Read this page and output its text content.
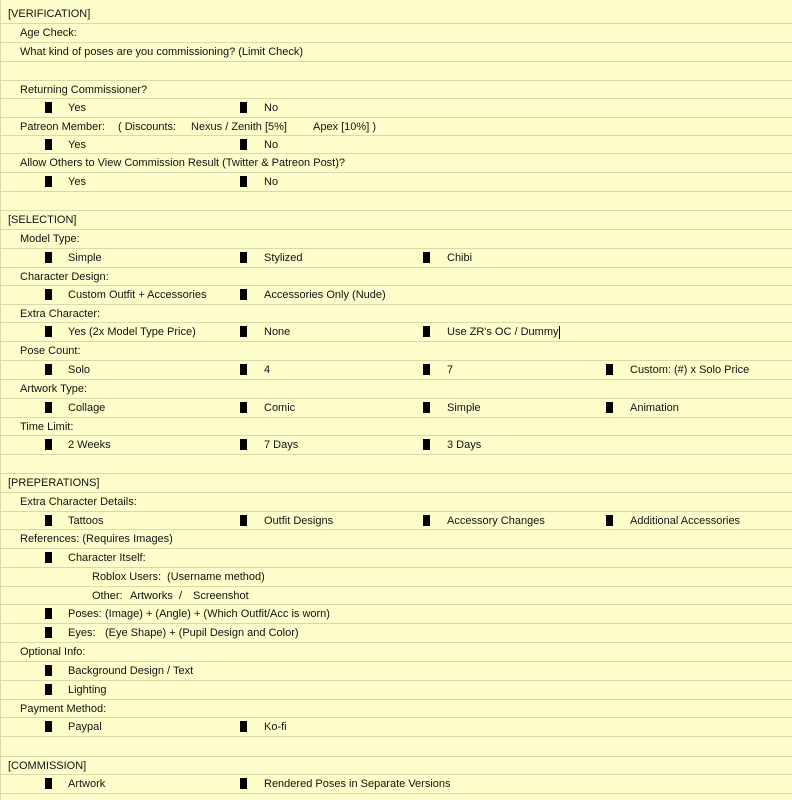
[VERIFICATION]
Age Check:
What kind of poses are you commissioning? (Limit Check)
Returning Commissioner?
Yes	No
Patreon Member: ( Discounts: Nexus / Zenith [5%] Apex [10%] )
Yes	No
Allow Others to View Commission Result (Twitter & Patreon Post)?
Yes	No
[SELECTION]
Model Type:
Simple	Stylized	Chibi
Character Design:
Custom Outfit + Accessories	Accessories Only (Nude)
Extra Character:
Yes (2x Model Type Price)	None	Use ZR's OC / Dummy
Pose Count:
Solo	4	7	Custom: (#) x Solo Price
Artwork Type:
Collage	Comic	Simple	Animation
Time Limit:
2 Weeks	7 Days	3 Days
[PREPERATIONS]
Extra Character Details:
Tattoos	Outfit Designs	Accessory Changes	Additional Accessories
References: (Requires Images)
Character Itself:
Roblox Users: (Username method)
Other: Artworks / Screenshot
Poses: (Image) + (Angle) + (Which Outfit/Acc is worn)
Eyes: (Eye Shape) + (Pupil Design and Color)
Optional Info:
Background Design / Text
Lighting
Payment Method:
Paypal	Ko-fi
[COMMISSION]
Artwork	Rendered Poses in Separate Versions
